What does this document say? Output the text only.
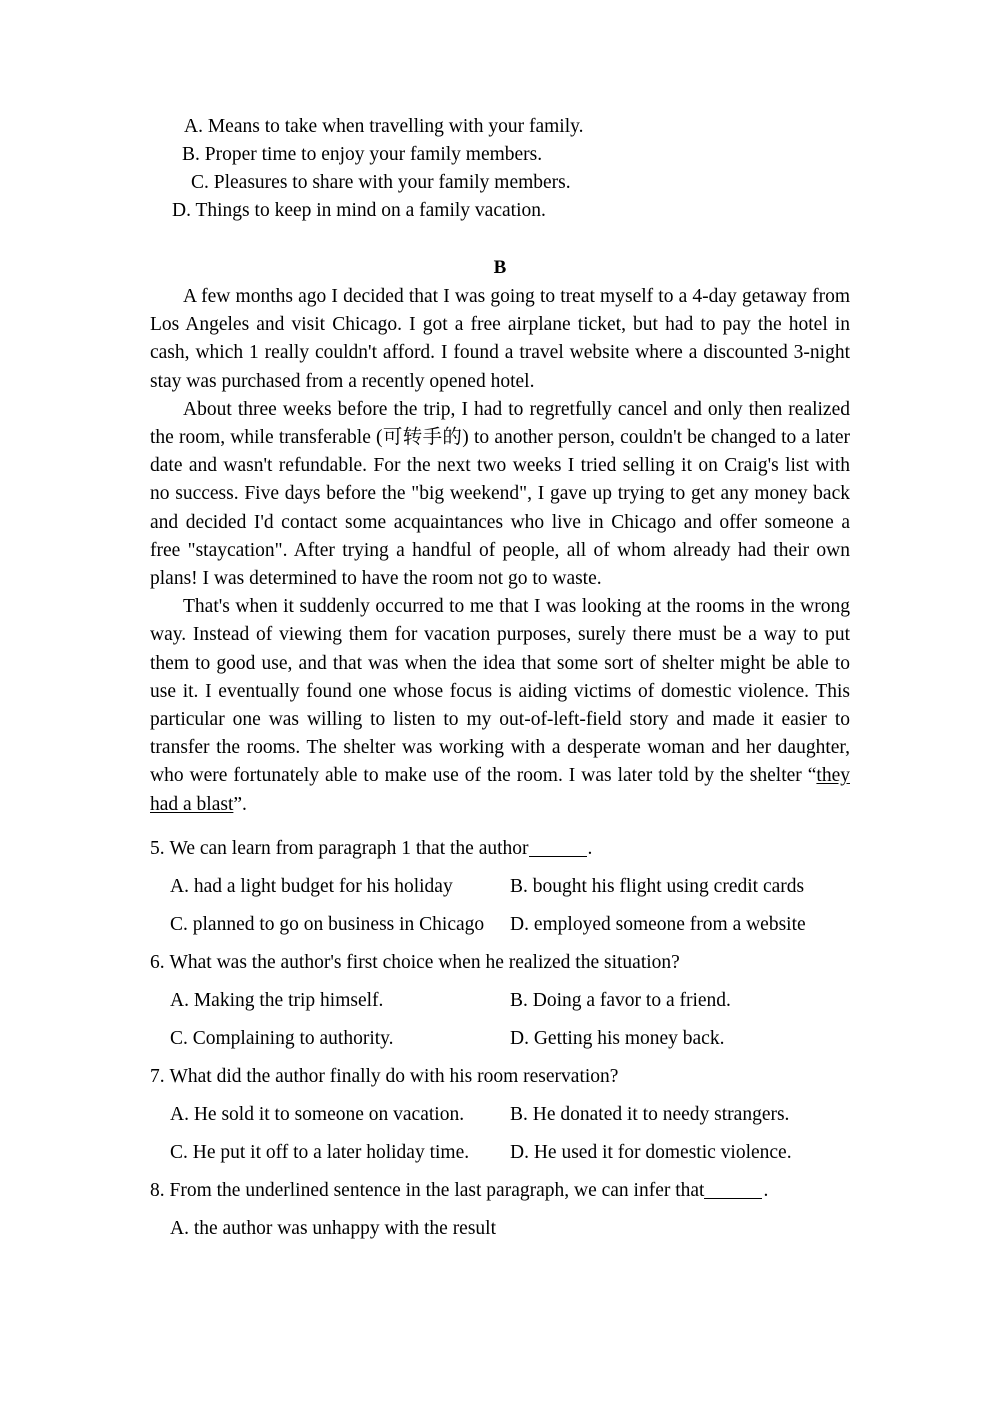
A. Means to take when travelling with your family.
B. Proper time to enjoy your family members.
C. Pleasures to share with your family members.
D. Things to keep in mind on a family vacation.
B

A few months ago I decided that I was going to treat myself to a 4-day getaway from Los Angeles and visit Chicago. I got a free airplane ticket, but had to pay the hotel in cash, which 1 really couldn't afford. I found a travel website where a discounted 3-night stay was purchased from a recently opened hotel.

About three weeks before the trip, I had to regretfully cancel and only then realized the room, while transferable (可转手的) to another person, couldn't be changed to a later date and wasn't refundable. For the next two weeks I tried selling it on Craig's list with no success. Five days before the "big weekend", I gave up trying to get any money back and decided I'd contact some acquaintances who live in Chicago and offer someone a free "staycation". After trying a handful of people, all of whom already had their own plans! I was determined to have the room not go to waste.

That's when it suddenly occurred to me that I was looking at the rooms in the wrong way. Instead of viewing them for vacation purposes, surely there must be a way to put them to good use, and that was when the idea that some sort of shelter might be able to use it. I eventually found one whose focus is aiding victims of domestic violence. This particular one was willing to listen to my out-of-left-field story and made it easier to transfer the rooms. The shelter was working with a desperate woman and her daughter, who were fortunately able to make use of the room. I was later told by the shelter “they had a blast”.

5. We can learn from paragraph 1 that the author	.
A. had a light budget for his holiday	B. bought his flight using credit cards
C. planned to go on business in Chicago	D. employed someone from a website
6. What was the author's first choice when he realized the situation?
A. Making the trip himself.	B. Doing a favor to a friend.
C. Complaining to authority.	D. Getting his money back.
7. What did the author finally do with his room reservation?
A. He sold it to someone on vacation.	B. He donated it to needy strangers.
C. He put it off to a later holiday time.	D. He used it for domestic violence.
8. From the underlined sentence in the last paragraph, we can infer that	.
A. the author was unhappy with the result
